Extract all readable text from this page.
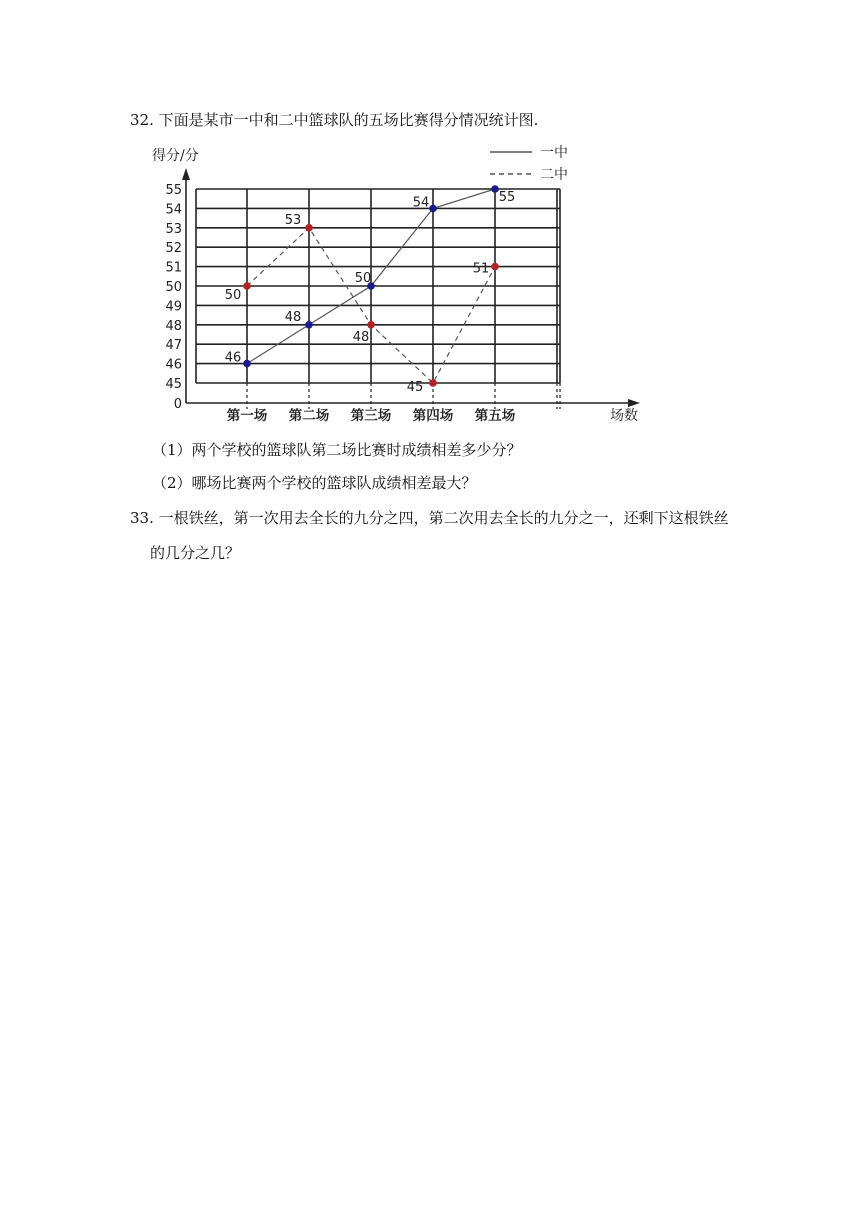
32. 下面是某市一中和二中篮球队的五场比赛得分情况统计图.
0
45
46
47
48
49
50
51
52
53
54
55
得分/分
场数
第一场 第二场 第三场 第四场 第五场
一中
二中
46
48
50
54	55
50
53
48
45
51
（1）两个学校的篮球队第二场比赛时成绩相差多少分？
（2）哪场比赛两个学校的篮球队成绩相差最大？
33. 一根铁丝，第一次用去全长的九分之四，第二次用去全长的九分之一，还剩下这根铁丝
的几分之几？
